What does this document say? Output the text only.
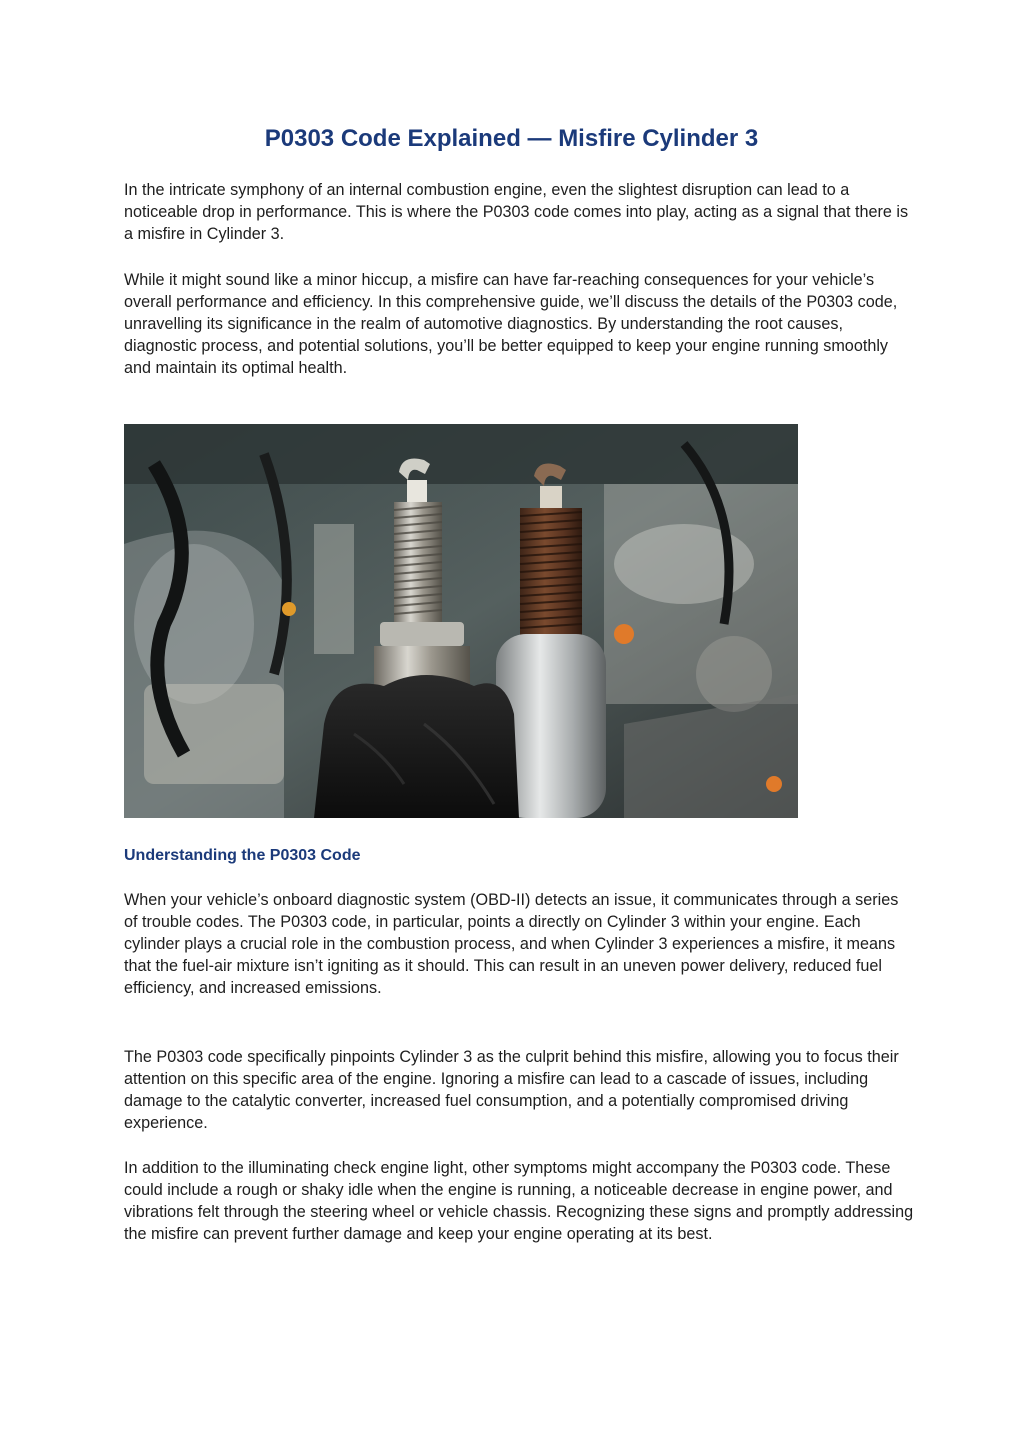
P0303 Code Explained — Misfire Cylinder 3

In the intricate symphony of an internal combustion engine, even the slightest disruption can lead to a noticeable drop in performance. This is where the P0303 code comes into play, acting as a signal that there is a misfire in Cylinder 3.

While it might sound like a minor hiccup, a misfire can have far-reaching consequences for your vehicle’s overall performance and efficiency. In this comprehensive guide, we’ll discuss the details of the P0303 code, unravelling its significance in the realm of automotive diagnostics. By understanding the root causes, diagnostic process, and potential solutions, you’ll be better equipped to keep your engine running smoothly and maintain its optimal health.

Understanding the P0303 Code

When your vehicle’s onboard diagnostic system (OBD-II) detects an issue, it communicates through a series of trouble codes. The P0303 code, in particular, points a directly on Cylinder 3 within your engine. Each cylinder plays a crucial role in the combustion process, and when Cylinder 3 experiences a misfire, it means that the fuel-air mixture isn’t igniting as it should. This can result in an uneven power delivery, reduced fuel efficiency, and increased emissions.

The P0303 code specifically pinpoints Cylinder 3 as the culprit behind this misfire, allowing you to focus their attention on this specific area of the engine. Ignoring a misfire can lead to a cascade of issues, including damage to the catalytic converter, increased fuel consumption, and a potentially compromised driving experience.

In addition to the illuminating check engine light, other symptoms might accompany the P0303 code. These could include a rough or shaky idle when the engine is running, a noticeable decrease in engine power, and vibrations felt through the steering wheel or vehicle chassis. Recognizing these signs and promptly addressing the misfire can prevent further damage and keep your engine operating at its best.
